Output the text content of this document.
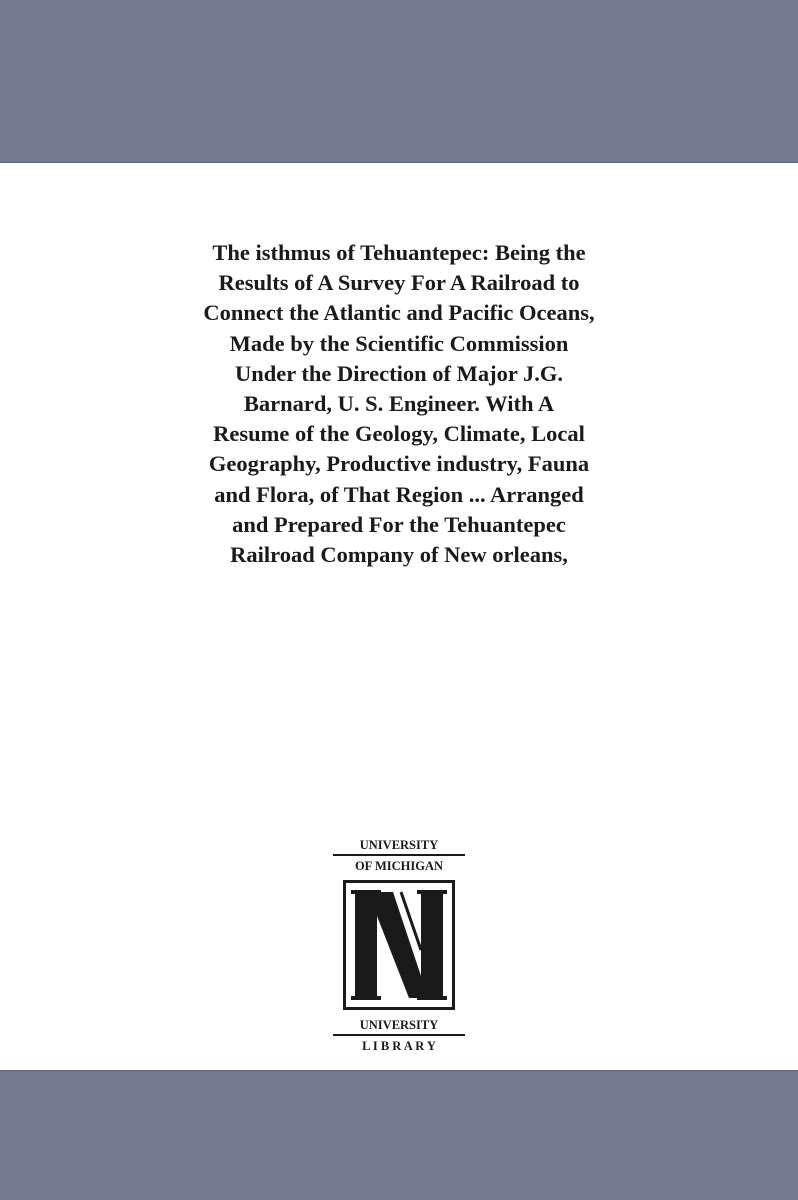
The isthmus of Tehuantepec: Being the
Results of A Survey For A Railroad to
Connect the Atlantic and Pacific Oceans,
Made by the Scientific Commission
Under the Direction of Major J.G.
Barnard, U. S. Engineer. With A
Resume of the Geology, Climate, Local
Geography, Productive industry, Fauna
and Flora, of That Region ... Arranged
and Prepared For the Tehuantepec
Railroad Company of New orleans,
UNIVERSITY
OF MICHIGAN
UNIVERSITY
L I B R A R Y
